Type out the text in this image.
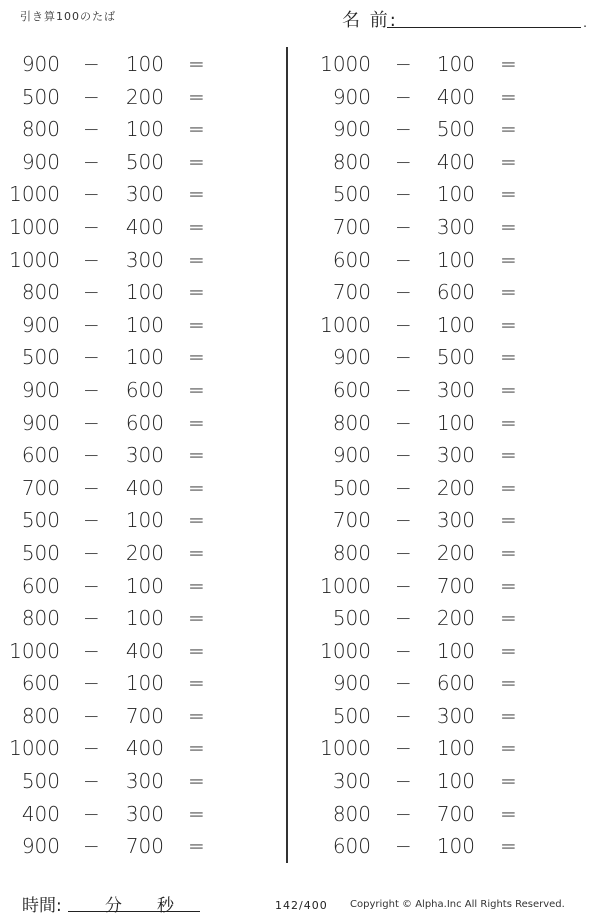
引き算100のたば	名 前:	.
900 − 100 =
500 − 200 =
800 − 100 =
900 − 500 =
1000 − 300 =
1000 − 400 =
1000 − 300 =
800 − 100 =
900 − 100 =
500 − 100 =
900 − 600 =
900 − 600 =
600 − 300 =
700 − 400 =
500 − 100 =
500 − 200 =
600 − 100 =
800 − 100 =
1000 − 400 =
600 − 100 =
800 − 700 =
1000 − 400 =
500 − 300 =
400 − 300 =
900 − 700 =
1000 − 100 =
900 − 400 =
900 − 500 =
800 − 400 =
500 − 100 =
700 − 300 =
600 − 100 =
700 − 600 =
1000 − 100 =
900 − 500 =
600 − 300 =
800 − 100 =
900 − 300 =
500 − 200 =
700 − 300 =
800 − 200 =
1000 − 700 =
500 − 200 =
1000 − 100 =
900 − 600 =
500 − 300 =
1000 − 100 =
300 − 100 =
800 − 700 =
600 − 100 =
時間:	分 秒	142/400 Copyright © Alpha.Inc All Rights Reserved.
